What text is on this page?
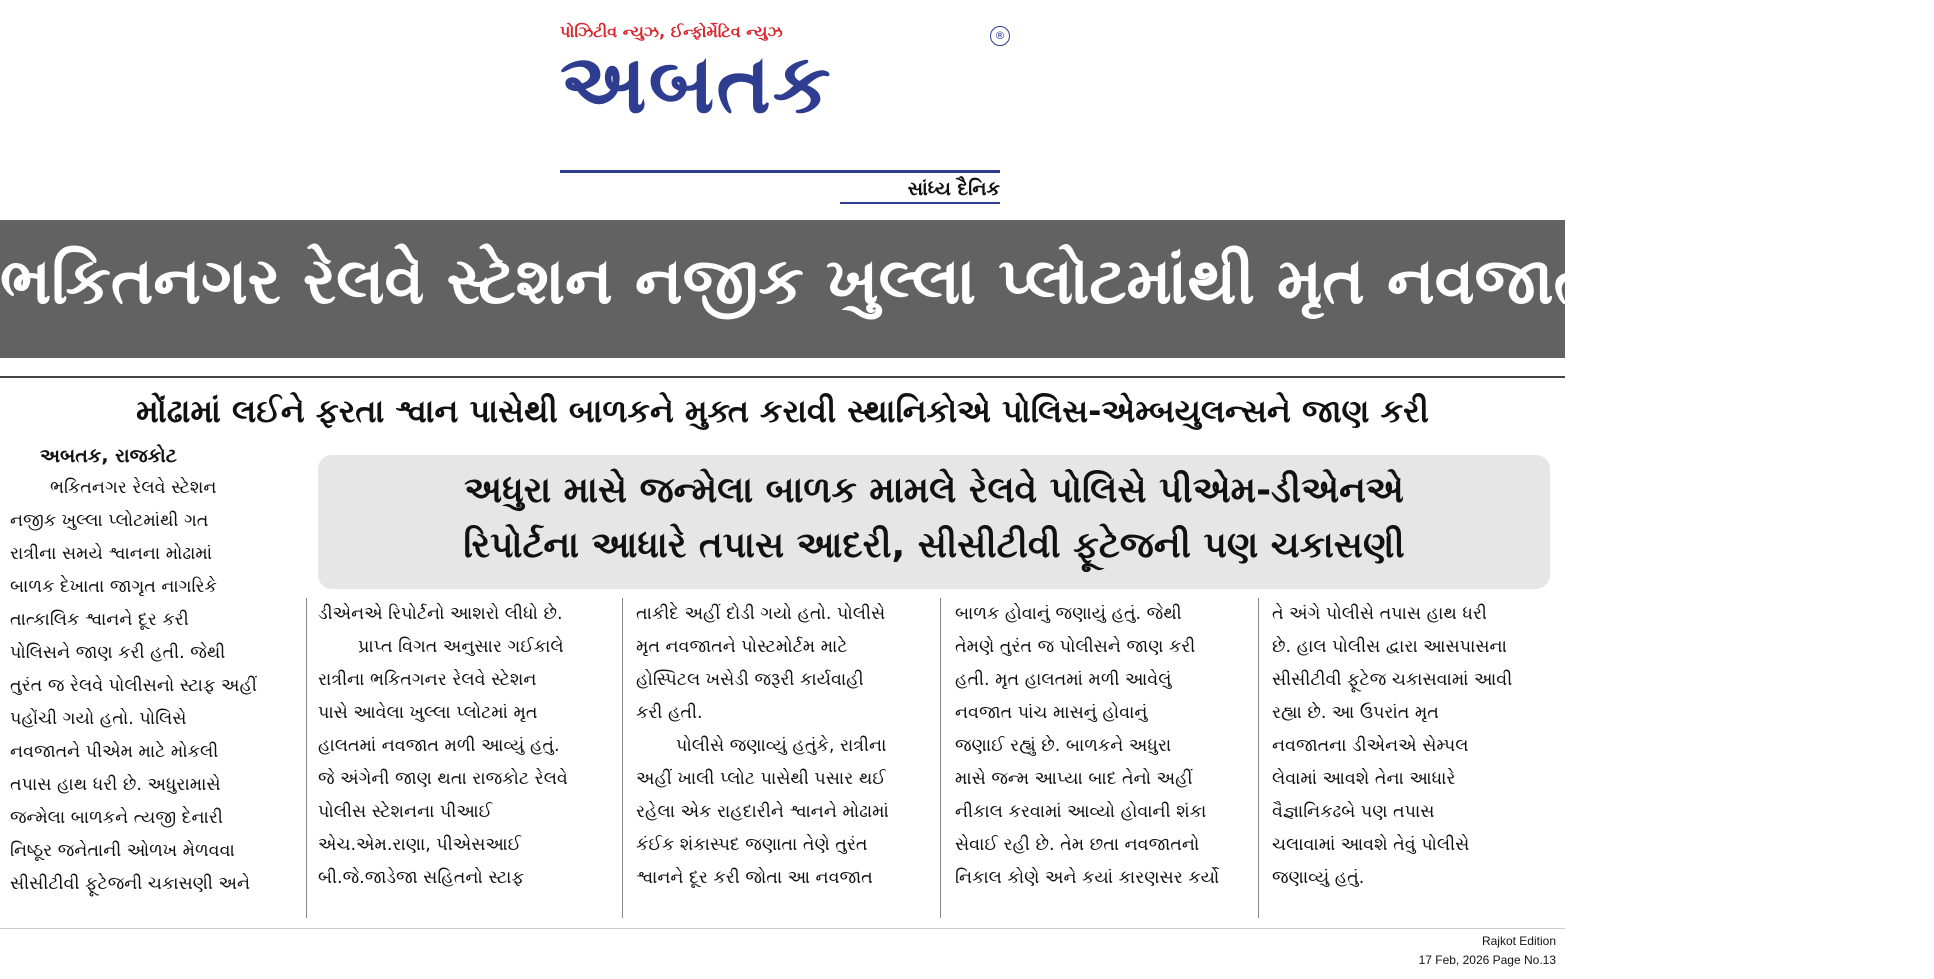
પોઝિટીવ ન્યુઝ, ઈન્ફોર્મેટિવ ન્યુઝ
અબતક
®
સાંધ્ય દૈનિક
ભકિતનગર રેલવે સ્ટેશન નજીક ખુલ્લા પ્લોટમાંથી મૃત નવજાત બાળક મળ્યું
મોંઢામાં લઈને ફરતા શ્વાન પાસેથી બાળકને મુક્ત કરાવી સ્થાનિકોએ પોલિસ-એમ્બયુલન્સને જાણ કરી
અબતક, રાજકોટ
અધુરા માસે જન્મેલા બાળક મામલે રેલવે પોલિસે પીએમ-ડીએનએ
રિપોર્ટના આધારે તપાસ આદરી, સીસીટીવી ફૂટેજની પણ ચકાસણી
ભકિતનગર રેલવે સ્ટેશન
નજીક ખુલ્લા પ્લોટમાંથી ગત
રાત્રીના સમયે શ્વાનના મોઢામાં
બાળક દેખાતા જાગૃત નાગરિકે
તાત્કાલિક શ્વાનને દૂર કરી
પોલિસને જાણ કરી હતી. જેથી
તુરંત જ રેલવે પોલીસનો સ્ટાફ અહીં
પહોંચી ગયો હતો. પોલિસે
નવજાતને પીએમ માટે મોકલી
તપાસ હાથ ધરી છે. અધુરામાસે
જન્મેલા બાળકને ત્યજી દેનારી
નિષ્ઠૂર જનેતાની ઓળખ મેળવવા
સીસીટીવી ફૂટેજની ચકાસણી અને
ડીએનએ રિપોર્ટનો આશરો લીધો છે.
પ્રાપ્ત વિગત અનુસાર ગઈકાલે
રાત્રીના ભકિતગનર રેલવે સ્ટેશન
પાસે આવેલા ખુલ્લા પ્લોટમાં મૃત
હાલતમાં નવજાત મળી આવ્યું હતું.
જે અંગેની જાણ થતા રાજકોટ રેલવે
પોલીસ સ્ટેશનના પીઆઈ
એચ.એમ.રાણા, પીએસઆઈ
બી.જે.જાડેજા સહિતનો સ્ટાફ
તાકીદે અહીં દોડી ગયો હતો. પોલીસે
મૃત નવજાતને પોસ્ટમોર્ટમ માટે
હોસ્પિટલ ખસેડી જરૂરી કાર્યવાહી
કરી હતી.
પોલીસે જણાવ્યું હતુંકે, રાત્રીના
અહીં ખાલી પ્લોટ પાસેથી પસાર થઈ
રહેલા એક રાહદારીને શ્વાનને મોઢામાં
કંઈક શંકાસ્પદ જણાતા તેણે તુરંત
શ્વાનને દૂર કરી જોતા આ નવજાત
બાળક હોવાનું જણાયું હતું. જેથી
તેમણે તુરંત જ પોલીસને જાણ કરી
હતી. મૃત હાલતમાં મળી આવેલું
નવજાત પાંચ માસનું હોવાનું
જણાઈ રહ્યું છે. બાળકને અધુરા
માસે જન્મ આપ્યા બાદ તેનો અહીં
નીકાલ કરવામાં આવ્યો હોવાની શંકા
સેવાઈ રહી છે. તેમ છતા નવજાતનો
નિકાલ કોણે અને કયાં કારણસર કર્યો
તે અંગે પોલીસે તપાસ હાથ ધરી
છે. હાલ પોલીસ દ્વારા આસપાસના
સીસીટીવી ફૂટેજ ચકાસવામાં આવી
રહ્યા છે. આ ઉપરાંત મૃત
નવજાતના ડીએનએ સેમ્પલ
લેવામાં આવશે તેના આધારે
વૈજ્ઞાનિકઢબે પણ તપાસ
ચલાવામાં આવશે તેવું પોલીસે
જણાવ્યું હતું.
Rajkot Edition
17 Feb, 2026 Page No.13
